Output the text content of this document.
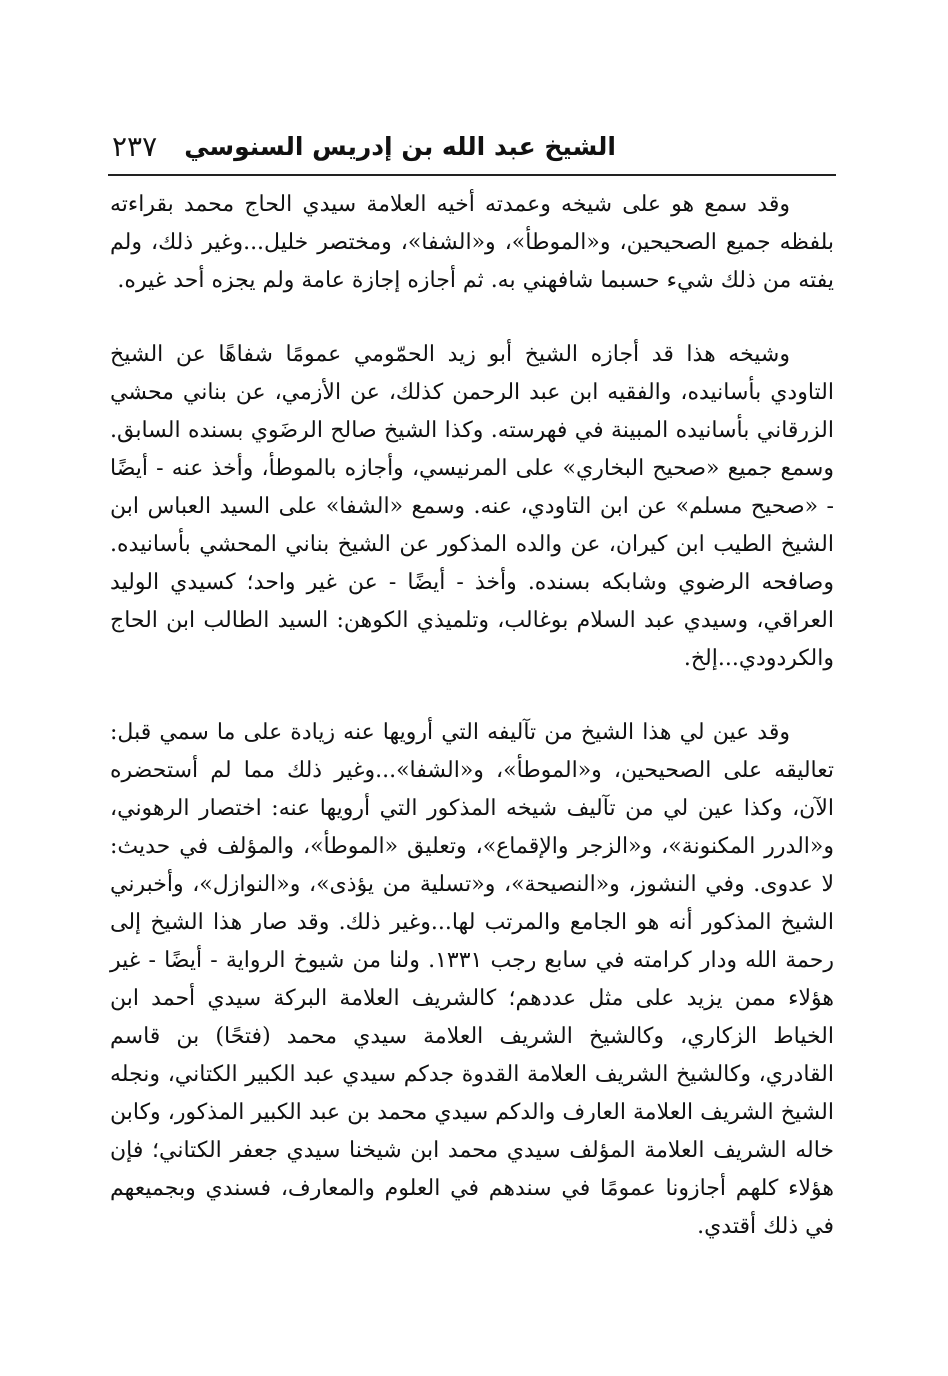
الشيخ عبد الله بن إدريس السنوسي
٢٣٧

وقد سمع هو على شيخه وعمدته أخيه العلامة سيدي الحاج محمد بقراءته بلفظه جميع الصحيحين، و«الموطأ»، و«الشفا»، ومختصر خليل...وغير ذلك، ولم يفته من ذلك شيء حسبما شافهني به. ثم أجازه إجازة عامة ولم يجزه أحد غيره.

وشيخه هذا قد أجازه الشيخ أبو زيد الحمّومي عمومًا شفاهًا عن الشيخ التاودي بأسانيده، والفقيه ابن عبد الرحمن كذلك، عن الأزمي، عن بناني محشي الزرقاني بأسانيده المبينة في فهرسته. وكذا الشيخ صالح الرضَوي بسنده السابق. وسمع جميع «صحيح البخاري» على المرنيسي، وأجازه بالموطأ، وأخذ عنه - أيضًا - «صحيح مسلم» عن ابن التاودي، عنه. وسمع «الشفا» على السيد العباس ابن الشيخ الطيب ابن كيران، عن والده المذكور عن الشيخ بناني المحشي بأسانيده. وصافحه الرضوي وشابكه بسنده. وأخذ - أيضًا - عن غير واحد؛ كسيدي الوليد العراقي، وسيدي عبد السلام بوغالب، وتلميذي الكوهن: السيد الطالب ابن الحاج والكردودي...إلخ.

وقد عين لي هذا الشيخ من تآليفه التي أرويها عنه زيادة على ما سمي قبل: تعاليقه على الصحيحين، و«الموطأ»، و«الشفا»...وغير ذلك مما لم أستحضره الآن، وكذا عين لي من تآليف شيخه المذكور التي أرويها عنه: اختصار الرهوني، و«الدرر المكنونة»، و«الزجر والإقماع»، وتعليق «الموطأ»، والمؤلف في حديث: لا عدوى. وفي النشوز، و«النصيحة»، و«تسلية من يؤذى»، و«النوازل»، وأخبرني الشيخ المذكور أنه هو الجامع والمرتب لها...وغير ذلك. وقد صار هذا الشيخ إلى رحمة الله ودار كرامته في سابع رجب ١٣٣١. ولنا من شيوخ الرواية - أيضًا - غير هؤلاء ممن يزيد على مثل عددهم؛ كالشريف العلامة البركة سيدي أحمد ابن الخياط الزكاري، وكالشيخ الشريف العلامة سيدي محمد (فتحًا) بن قاسم القادري، وكالشيخ الشريف العلامة القدوة جدكم سيدي عبد الكبير الكتاني، ونجله الشيخ الشريف العلامة العارف والدكم سيدي محمد بن عبد الكبير المذكور، وكابن خاله الشريف العلامة المؤلف سيدي محمد ابن شيخنا سيدي جعفر الكتاني؛ فإن هؤلاء كلهم أجازونا عمومًا في سندهم في العلوم والمعارف، فسندي وبجميعهم في ذلك أقتدي.
